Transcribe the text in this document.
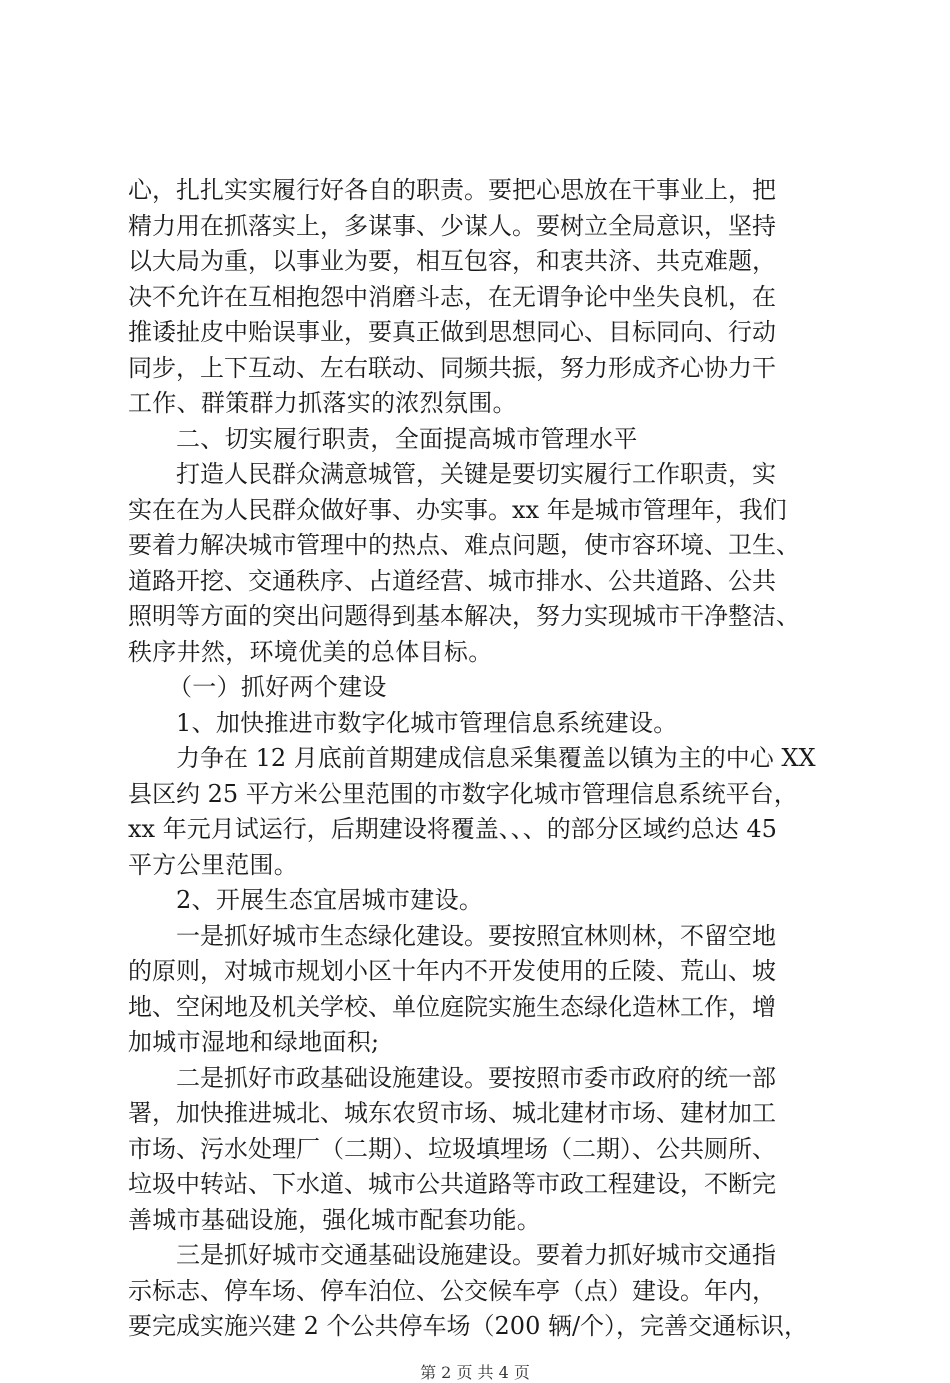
心，扎扎实实履行好各自的职责。要把心思放在干事业上，把
精力用在抓落实上，多谋事、少谋人。要树立全局意识，坚持
以大局为重，以事业为要，相互包容，和衷共济、共克难题，
决不允许在互相抱怨中消磨斗志，在无谓争论中坐失良机，在
推诿扯皮中贻误事业，要真正做到思想同心、目标同向、行动
同步，上下互动、左右联动、同频共振，努力形成齐心协力干
工作、群策群力抓落实的浓烈氛围。
二、切实履行职责，全面提高城市管理水平
打造人民群众满意城管，关键是要切实履行工作职责，实
实在在为人民群众做好事、办实事。xx 年是城市管理年，我们
要着力解决城市管理中的热点、难点问题，使市容环境、卫生、
道路开挖、交通秩序、占道经营、城市排水、公共道路、公共
照明等方面的突出问题得到基本解决，努力实现城市干净整洁、
秩序井然，环境优美的总体目标。
（一）抓好两个建设
1、加快推进市数字化城市管理信息系统建设。
力争在 12 月底前首期建成信息采集覆盖以镇为主的中心 XX
县区约 25 平方米公里范围的市数字化城市管理信息系统平台，
xx 年元月试运行，后期建设将覆盖、、、的部分区域约总达 45
平方公里范围。
2、开展生态宜居城市建设。
一是抓好城市生态绿化建设。要按照宜林则林，不留空地
的原则，对城市规划小区十年内不开发使用的丘陵、荒山、坡
地、空闲地及机关学校、单位庭院实施生态绿化造林工作，增
加城市湿地和绿地面积;
二是抓好市政基础设施建设。要按照市委市政府的统一部
署，加快推进城北、城东农贸市场、城北建材市场、建材加工
市场、污水处理厂（二期）、垃圾填埋场（二期）、公共厕所、
垃圾中转站、下水道、城市公共道路等市政工程建设，不断完
善城市基础设施，强化城市配套功能。
第 2 页 共 4 页
三是抓好城市交通基础设施建设。要着力抓好城市交通指
示标志、停车场、停车泊位、公交候车亭（点）建设。年内，
要完成实施兴建 2 个公共停车场（200 辆/个），完善交通标识，
